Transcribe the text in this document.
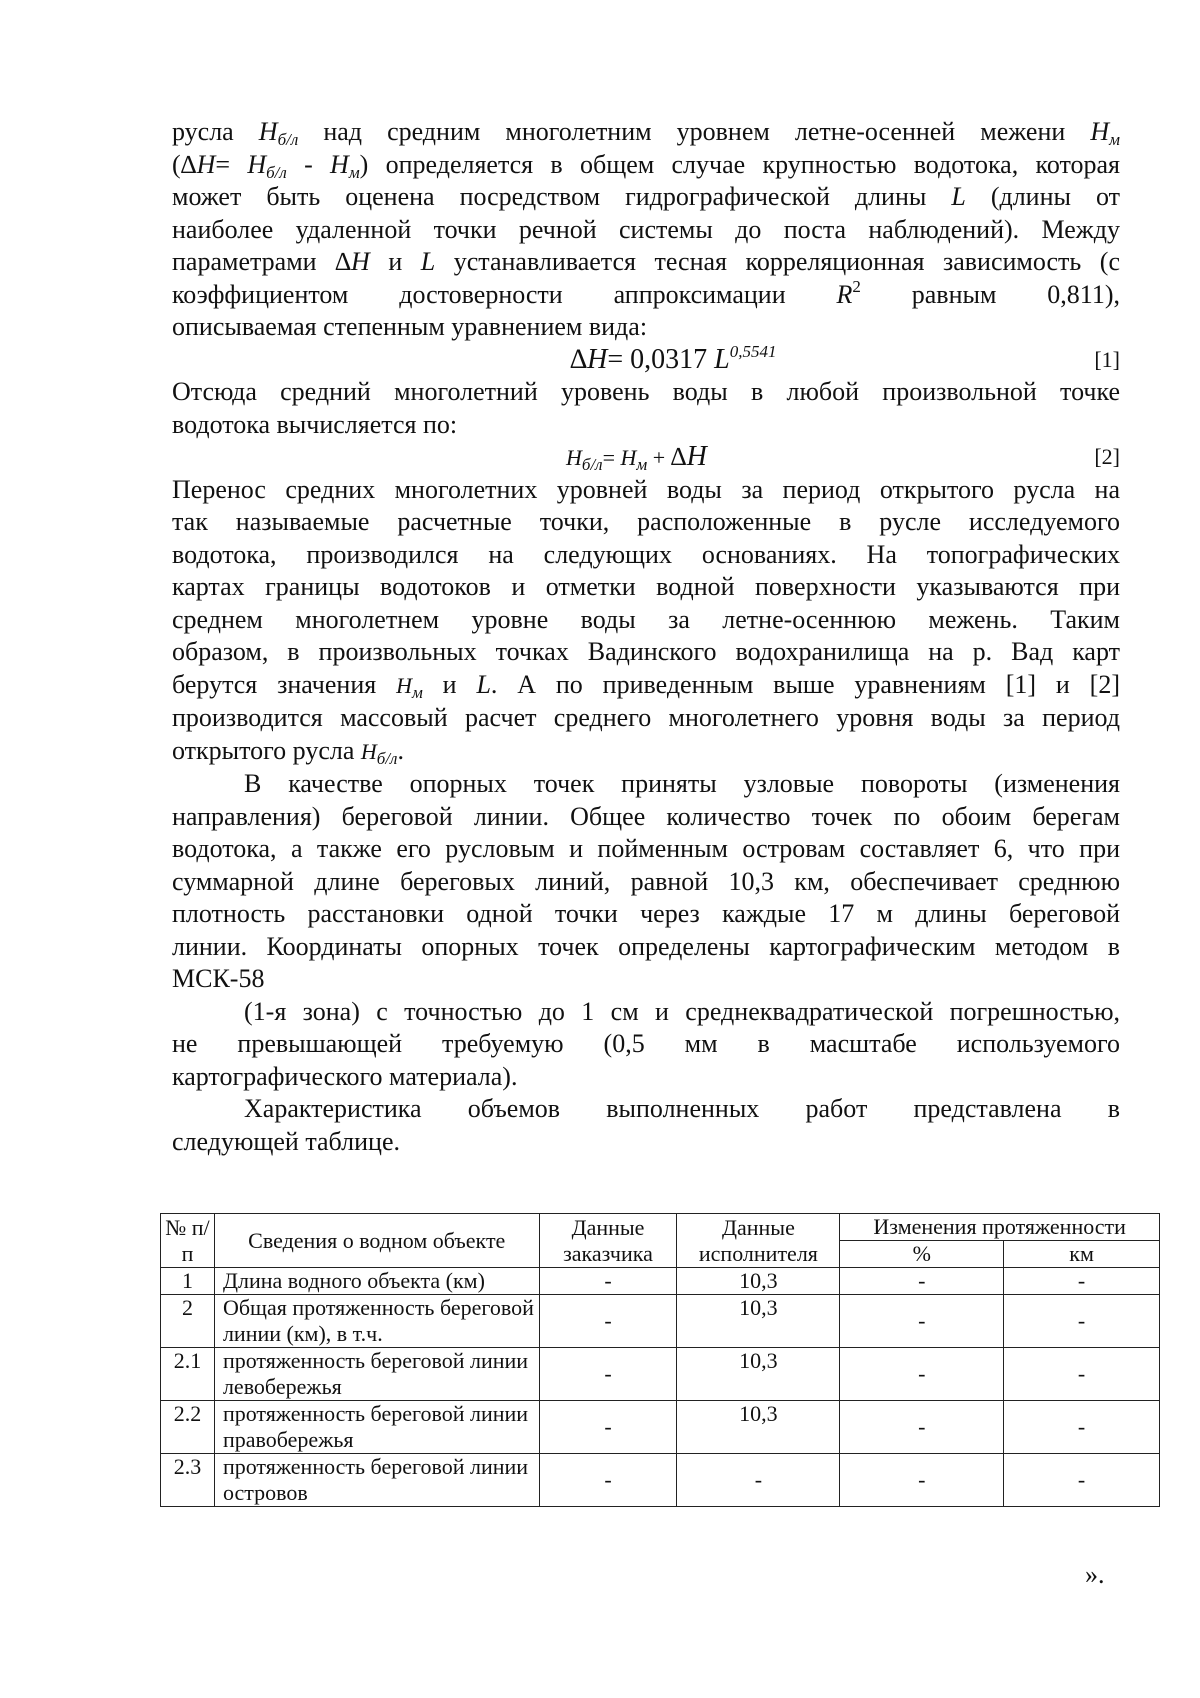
русла $H_{б/л}$ над средним многолетним уровнем летне-осенней межени $H_м$

$(\Delta H= H_{б/л} - H_м)$ определяется в общем случае крупностью водотока, которая

может быть оценена посредством гидрографической длины L (длины от

наиболее удаленной точки речной системы до поста наблюдений). Между

параметрами ∆H и L устанавливается тесная корреляционная зависимость (с

коэффициентом достоверности аппроксимации $R^2$ равным 0,811),

описываемая степенным уравнением вида:

∆H= 0,0317 $L^{0,5541}$	[1]

Отсюда средний многолетний уровень воды в любой произвольной точке

водотока вычисляется по:

$H_{б/л}= H_м + \Delta H$	[2]

Перенос средних многолетних уровней воды за период открытого русла на

так называемые расчетные точки, расположенные в русле исследуемого

водотока, производился на следующих основаниях. На топографических

картах границы водотоков и отметки водной поверхности указываются при

среднем многолетнем уровне воды за летне-осеннюю межень. Таким

образом, в произвольных точках Вадинского водохранилища на р. Вад карт

берутся значения $H_м$ и L. А по приведенным выше уравнениям [1] и [2]

производится массовый расчет среднего многолетнего уровня воды за период

открытого русла $H_{б/л}$.

В качестве опорных точек приняты узловые повороты (изменения

направления) береговой линии. Общее количество точек по обоим берегам

водотока, а также его русловым и пойменным островам составляет 6, что при

суммарной длине береговых линий, равной 10,3 км, обеспечивает среднюю

плотность расстановки одной точки через каждые 17 м длины береговой

линии. Координаты опорных точек определены картографическим методом в

МСК-58

(1-я зона) с точностью до 1 см и среднеквадратической погрешностью,

не превышающей требуемую (0,5 мм в масштабе используемого

картографического материала).

Характеристика объемов выполненных работ представлена в

следующей таблице.

№ п/п	Сведения о водном объекте	Данные заказчика	Данные исполнителя	Изменения протяженности	
				%	км
1	Длина водного объекта (км)	-	10,3	-	-
2	Общая протяженность береговой линии (км), в т.ч.	-	10,3	-	-
2.1	протяженность береговой линии левобережья	-	10,3	-	-
2.2	протяженность береговой линии правобережья	-	10,3	-	-
2.3	протяженность береговой линии островов	-	-	-	-
».
